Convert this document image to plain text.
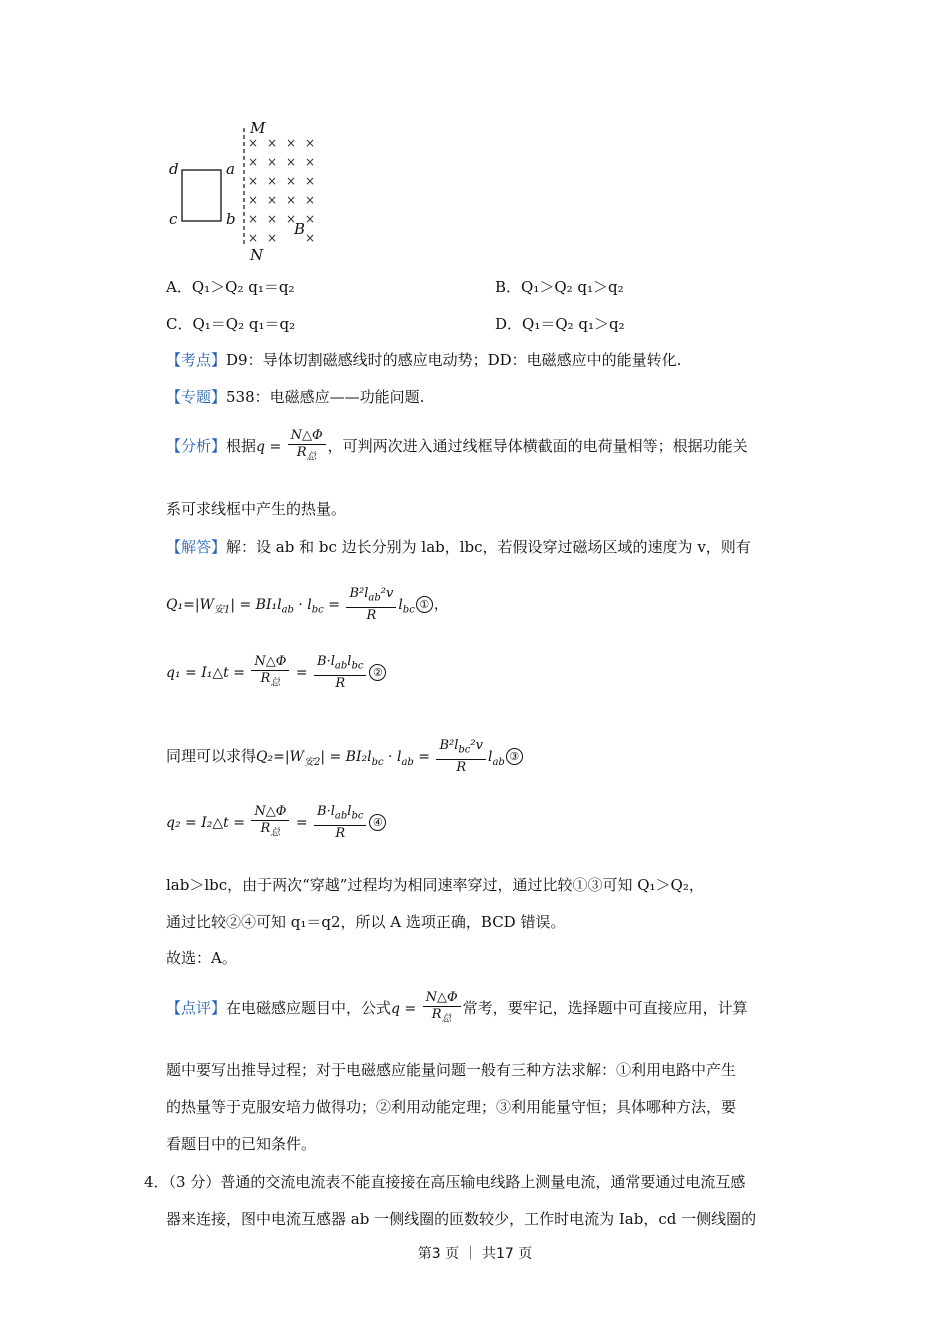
M
N
d	a
c	b
B
× × × ×
× × × ×
× × × ×
× × × ×
× × × ×
× × ×
A．Q₁＞Q₂ q₁＝q₂	B．Q₁＞Q₂ q₁＞q₂
C．Q₁＝Q₂ q₁＝q₂	D．Q₁＝Q₂ q₁＞q₂
【考点】D9：导体切割磁感线时的感应电动势；DD：电磁感应中的能量转化.
【专题】538：电磁感应——功能问题.
【分析】根据$q = \frac{N\triangle\Phi}{R_总}$ ，可判两次进入通过线框导体横截面的电荷量相等；根据功能关
系可求线框中产生的热量。
【解答】解：设 ab 和 bc 边长分别为 lab，lbc，若假设穿过磁场区域的速度为 v，则有
$Q_1=|W_{安1}| = BI_1l_{ab} \cdot l_{bc} = \frac{B^2l_{ab}^2v}{R} l_{bc}$ ① ，
q₁ = I₁△t = $\frac{N\triangle\Phi}{R_总} = \frac{B\cdot l_{ab}l_{bc}}{R}$ ②
同理可以求得$Q_2=|W_{安2}| = BI_2l_{bc} \cdot l_{ab} = \frac{B^2l_{bc}^2v}{R} l_{ab}$ ③
q₂ = I₂△t = $\frac{N\triangle\Phi}{R_总} = \frac{B\cdot l_{ab}l_{bc}}{R}$ ④
lab＞lbc，由于两次“穿越”过程均为相同速率穿过，通过比较①③可知 Q₁＞Q₂，
通过比较②④可知 q₁＝q2，所以 A 选项正确，BCD 错误。
故选：A。
【点评】在电磁感应题目中，公式$q = \frac{N\triangle\Phi}{R_总}$ 常考，要牢记，选择题中可直接应用，计算
题中要写出推导过程；对于电磁感应能量问题一般有三种方法求解：①利用电路中产生
的热量等于克服安培力做得功；②利用动能定理；③利用能量守恒；具体哪种方法，要
看题目中的已知条件。
4．（3 分）普通的交流电流表不能直接接在高压输电线路上测量电流，通常要通过电流互感
器来连接，图中电流互感器 ab 一侧线圈的匝数较少，工作时电流为 Iab，cd 一侧线圈的
第3 页 ｜ 共17 页
